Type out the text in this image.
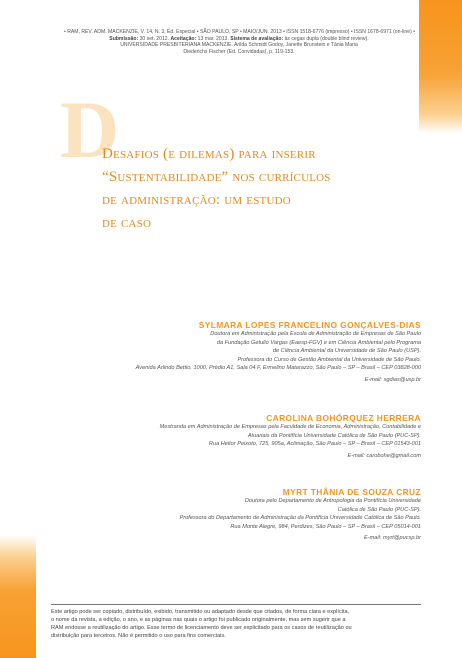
• RAM, REV. ADM. MACKENZIE, V. 14, N. 3, Ed. Especial • SÃO PAULO, SP • MAIO/JUN. 2013 • ISSN 1518-6776 (impresso) • ISSN 1678-6971 (on-line) •
Submissão: 30 set. 2012. Aceitação: 13 mar. 2013. Sistema de avaliação: às cegas dupla (double blind review).
UNIVERSIDADE PRESBITERIANA MACKENZIE. Arilda Schmidt Godoy, Janette Brunstein e Tânia Maria
Diederichs Fischer (Ed. Convidadas), p. 119-153.
D
Desafios (e dilemas) para inserir
“Sustentabilidade” nos currículos
de administração: um estudo
de caso
SYLMARA LOPES FRANCELINO GONÇALVES-DIAS
Doutora em Administração pela Escola de Administração de Empresas de São Paulo
da Fundação Getulio Vargas (Eaesp-FGV) e em Ciência Ambiental pelo Programa
de Ciência Ambiental da Universidade de São Paulo (USP).
Professora do Curso de Gestão Ambiental da Universidade de São Paulo.
Avenida Arlindo Bettio, 1000, Prédio A1, Sala 04 F, Ermelino Matarazzo, São Paulo – SP – Brasil – CEP 03828-000
E-mail: sgdias@usp.br
CAROLINA BOHÓRQUEZ HERRERA
Mestranda em Administração de Empresas pela Faculdade de Economia, Administração, Contabilidade e
Atuariais da Pontifícia Universidade Católica de São Paulo (PUC-SP).
Rua Heitor Peixoto, 725, 905a, Aclimação, São Paulo – SP – Brasil – CEP 01543-001
E-mail: carobohe@gmail.com
MYRT THÂNIA DE SOUZA CRUZ
Doutora pelo Departamento de Antropologia da Pontifícia Universidade
Católica de São Paulo (PUC-SP).
Professora do Departamento de Administração da Pontifícia Universidade Católica de São Paulo.
Rua Monte Alegre, 984, Perdizes, São Paulo – SP – Brasil – CEP 05014-001
E-mail: myrt@pucsp.br
Este artigo pode ser copiado, distribuído, exibido, transmitido ou adaptado desde que citados, de forma clara e explícita,
o nome da revista, a edição, o ano, e as páginas nas quais o artigo foi publicado originalmente, mas sem sugerir que a
RAM endosse a reutilização do artigo. Esse termo de licenciamento deve ser explicitado para os casos de reutilização ou
distribuição para terceiros. Não é permitido o uso para fins comerciais.
